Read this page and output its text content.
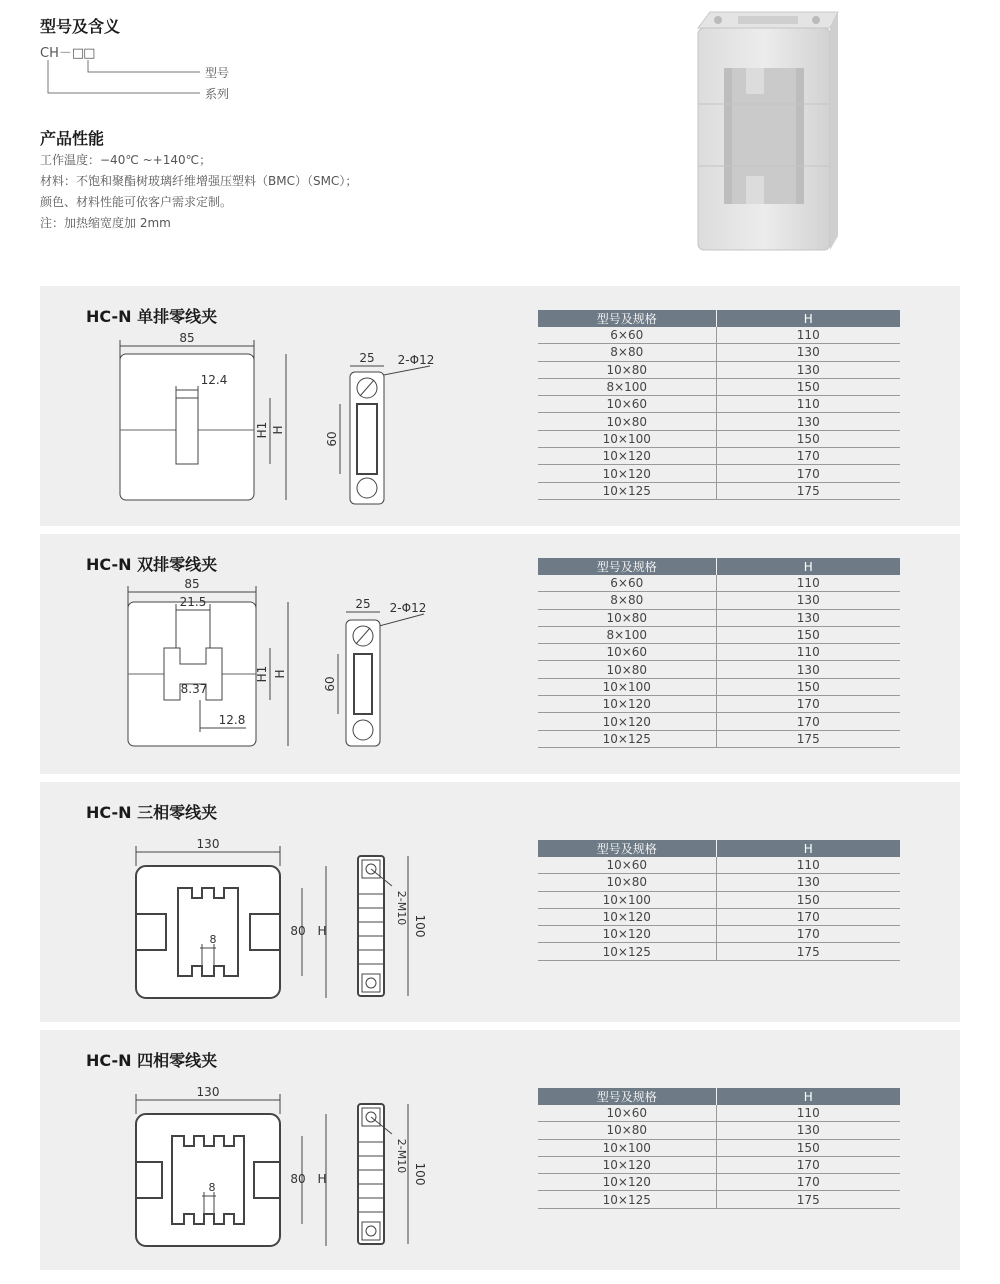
型号及含义
CH－□□
型号
系列
产品性能
工作温度：−40℃ ~+140℃；
材料：不饱和聚酯树玻璃纤维增强压塑料（BMC）（SMC）；
颜色、材料性能可依客户需求定制。
注：加热缩宽度加 2mm
HC-N 单排零线夹
85
12.4
H1 H
25 2-Φ12
60
型号及规格	H
6×60	110
8×80	130
10×80	130
8×100	150
10×60	110
10×80	130
10×100	150
10×120	170
10×120	170
10×125	175
HC-N 双排零线夹
85
21.5
8.37
12.8
H1 H
25 2-Φ12
60
型号及规格	H
6×60	110
8×80	130
10×80	130
8×100	150
10×60	110
10×80	130
10×100	150
10×120	170
10×120	170
10×125	175
HC-N 三相零线夹
130
8
80 H
2-M10
100
型号及规格	H
10×60	110
10×80	130
10×100	150
10×120	170
10×120	170
10×125	175
HC-N 四相零线夹
130
8
80 H
2-M10
100
型号及规格	H
10×60	110
10×80	130
10×100	150
10×120	170
10×120	170
10×125	175
